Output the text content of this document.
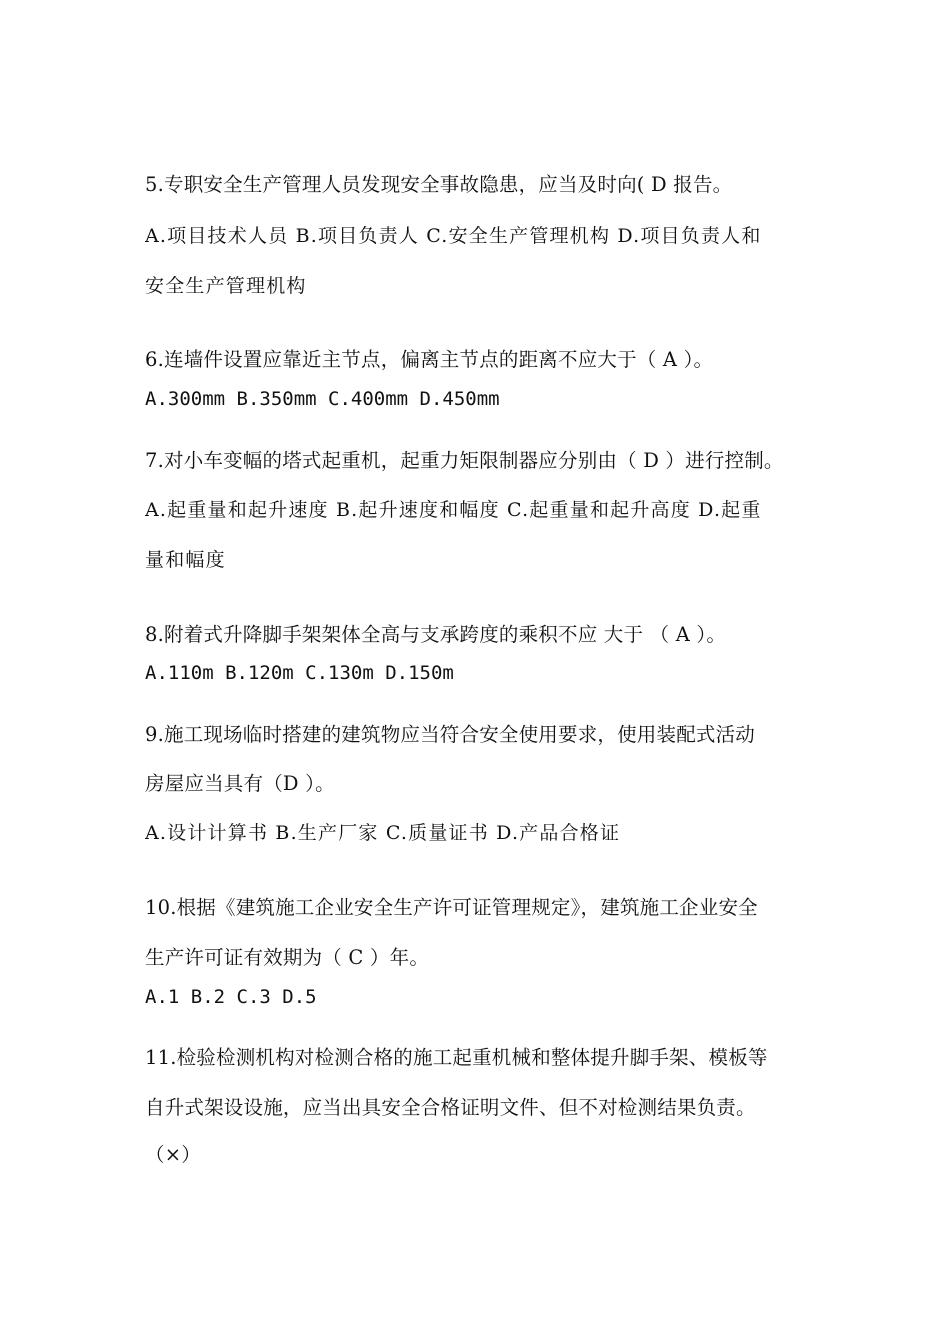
5.专职安全生产管理人员发现安全事故隐患，应当及时向( D 报告。
A.项目技术人员 B.项目负责人 C.安全生产管理机构 D.项目负责人和
安全生产管理机构
6.连墙件设置应靠近主节点，偏离主节点的距离不应大于（ A ）。
A.300mm B.350mm C.400mm D.450mm
7.对小车变幅的塔式起重机，起重力矩限制器应分别由（ D ）进行控制。
A.起重量和起升速度 B.起升速度和幅度 C.起重量和起升高度 D.起重
量和幅度
8.附着式升降脚手架架体全高与支承跨度的乘积不应 大于 （ A ）。
A.110m B.120m C.130m D.150m
9.施工现场临时搭建的建筑物应当符合安全使用要求，使用装配式活动
房屋应当具有（D ）。
A.设计计算书 B.生产厂家 C.质量证书 D.产品合格证
10.根据《建筑施工企业安全生产许可证管理规定》，建筑施工企业安全
生产许可证有效期为（ C ）年。
A.1 B.2 C.3 D.5
11.检验检测机构对检测合格的施工起重机械和整体提升脚手架、模板等
自升式架设设施，应当出具安全合格证明文件、但不对检测结果负责。
（×）
